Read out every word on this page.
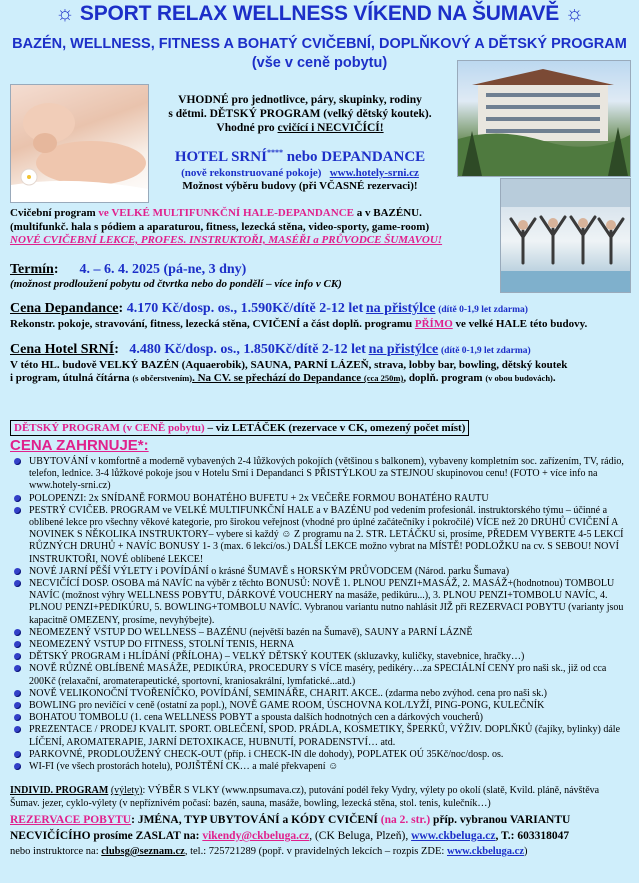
☼ SPORT RELAX WELLNESS VÍKEND NA ŠUMAVĚ ☼
BAZÉN, WELLNESS, FITNESS A BOHATÝ CVIČEBNÍ, DOPLŇKOVÝ A DĚTSKÝ PROGRAM (vše v ceně pobytu)
VHODNÉ pro jednotlivce, páry, skupinky, rodiny
s dětmi. DĚTSKÝ PROGRAM (velký dětský koutek).
Vhodné pro cvičící i NECVIČÍCÍ!
HOTEL SRNÍ**** nebo DEPANDANCE
(nově rekonstruované pokoje) www.hotely-srni.cz
Možnost výběru budovy (při VČASNÉ rezervaci)!
Cvičební program ve VELKÉ MULTIFUNKČNÍ HALE-DEPANDANCE a v BAZÉNU.
(multifunkč. hala s pódiem a aparaturou, fitness, lezecká stěna, video-sporty, game-room)
NOVÉ CVIČEBNÍ LEKCE, PROFES. INSTRUKTOŘI, MASÉŘI a PRŮVODCE ŠUMAVOU!
Termín:      4. – 6. 4. 2025 (pá-ne, 3 dny)
(možnost prodloužení pobytu od čtvrtka nebo do pondělí – více info v CK)
Cena Depandance: 4.170 Kč/dosp. os., 1.590Kč/dítě 2-12 let na přistýlce (dítě 0-1,9 let zdarma)
Rekonstr. pokoje, stravování, fitness, lezecká stěna, CVIČENÍ a část doplň. programu PŘÍMO ve velké HALE této budovy.
Cena Hotel SRNÍ:   4.480 Kč/dosp. os., 1.850Kč/dítě 2-12 let na přistýlce (dítě 0-1,9 let zdarma)
V této HL. budově VELKÝ BAZÉN (Aquaerobik), SAUNA, PARNÍ LÁZEŇ, strava, lobby bar, bowling, dětský koutek
i program, útulná čítárna (s občerstvením). Na CV. se přechází do Depandance (cca 250m), doplň. program (v obou budovách).
DĚTSKÝ PROGRAM (v CENĚ pobytu) – viz LETÁČEK (rezervace v CK, omezený počet míst)
CENA ZAHRNUJE*:
UBYTOVÁNÍ v komfortně a moderně vybavených 2-4 lůžkových pokojích (většinou s balkonem), vybaveny kompletním soc. zařízením, TV, rádio, telefon, lednice. 3-4 lůžkové pokoje jsou v Hotelu Srní i Depandanci S PŘISTÝLKOU za STEJNOU skupinovou cenu! (FOTO + více info na www.hotely-srni.cz)
POLOPENZI: 2x SNÍDANĚ FORMOU BOHATÉHO BUFETU + 2x VEČEŘE FORMOU BOHATÉHO RAUTU
PESTRÝ CVIČEB. PROGRAM ve VELKÉ MULTIFUNKČNÍ HALE a v BAZÉNU pod vedením profesionál. instruktorského týmu – účinné a oblíbené lekce pro všechny věkové kategorie, pro širokou veřejnost (vhodné pro úplné začátečníky i pokročilé) VÍCE než 20 DRUHŮ CVIČENÍ A NOVINEK S NĚKOLIKA INSTRUKTORY– vybere si každý ☺ Z programu na 2. STR. LETÁČKU si, prosíme, PŘEDEM VYBERTE 4-5 LEKCÍ RŮZNÝCH DRUHŮ + NAVÍC BONUSY 1- 3 (max. 6 lekcí/os.) DALŠÍ LEKCE možno vybrat na MÍSTĚ! PODLOŽKU na cv. S SEBOU! NOVÍ INSTRUKTOŘI, NOVÉ oblíbené LEKCE!
NOVÉ JARNÍ PĚŠÍ VÝLETY i POVÍDÁNÍ o krásné ŠUMAVĚ s HORSKÝM PRŮVODCEM (Národ. parku Šumava)
NECVIČÍCÍ DOSP. OSOBA má NAVÍC na výběr z těchto BONUSŮ: NOVĚ 1. PLNOU PENZI+MASÁŽ, 2. MASÁŽ+(hodnotnou) TOMBOLU NAVÍC (možnost výhry WELLNESS POBYTU, DÁRKOVÉ VOUCHERY na masáže, pedikúru...), 3. PLNOU PENZI+TOMBOLU NAVÍC, 4. PLNOU PENZI+PEDIKÚRU, 5. BOWLING+TOMBOLU NAVÍC. Vybranou variantu nutno nahlásit JIŽ při REZERVACI POBYTU (varianty jsou kapacitně OMEZENY, prosíme, nevyhýbejte).
NEOMEZENÝ VSTUP DO WELLNESS – BAZÉNU (největší bazén na Šumavě), SAUNY a PARNÍ LÁZNĚ
NEOMEZENÝ VSTUP DO FITNESS, STOLNÍ TENIS, HERNA
DĚTSKÝ PROGRAM i HLÍDÁNÍ (PŘÍLOHA) – VELKÝ DĚTSKÝ KOUTEK (skluzavky, kuličky, stavebnice, hračky…)
NOVĚ RŮZNÉ OBLÍBENÉ MASÁŽE, PEDIKÚRA, PROCEDURY S VÍCE maséry, pedikéry…za SPECIÁLNÍ CENY pro naši sk., již od cca 200Kč (relaxační, aromaterapeutické, sportovní, kraniosakrální, lymfatické...atd.)
NOVĚ VELIKONOČNÍ TVOŘENÍČKO, POVÍDÁNÍ, SEMINÁŘE, CHARIT. AKCE.. (zdarma nebo zvýhod. cena pro naši sk.)
BOWLING pro nevičící v ceně (ostatní za popl.), NOVĚ GAME ROOM, ÚSCHOVNA KOL/LYŽÍ, PING-PONG, KULEČNÍK
BOHATOU TOMBOLU (1. cena WELLNESS POBYT a spousta dalších hodnotných cen a dárkových voucherů)
PREZENTACE / PRODEJ KVALIT. SPORT. OBLEČENÍ, SPOD. PRÁDLA, KOSMETIKY, ŠPERKŮ, VÝŽIV. DOPLŇKŮ (čajíky, bylinky) dále LÍČENÍ, AROMATERAPIE, JARNÍ DETOXIKACE, HUBNUTÍ, PORADENSTVÍ… atd.
PARKOVNÉ, PRODLOUŽENÝ CHECK-OUT (příp. i CHECK-IN dle dohody), POPLATEK OÚ 35Kč/noc/dosp. os.
WI-FI (ve všech prostorách hotelu), POJIŠTĚNÍ CK… a malé překvapení ☺
INDIVID. PROGRAM (výlety): VÝBĚR S VLKY (www.npsumava.cz), putování podél řeky Vydry, výlety po okolí (slatě, Kvild. pláně, návštěva Šumav. jezer, cyklo-výlety (v nepříznivém počasí: bazén, sauna, masáže, bowling, lezecká stěna, stol. tenis, kulečník…)
REZERVACE POBYTU: JMÉNA, TYP UBYTOVÁNÍ a KÓDY CVIČENÍ (na 2. str.) příp. vybranou VARIANTU
NECVIČÍCÍHO prosíme ZASLAT na: vikendy@ckbeluga.cz, (CK Beluga, Plzeň), www.ckbeluga.cz, T.: 603318047
nebo instruktorce na: clubsg@seznam.cz, tel.: 725721289 (popř. v pravidelných lekcích – rozpis ZDE: www.ckbeluga.cz)
